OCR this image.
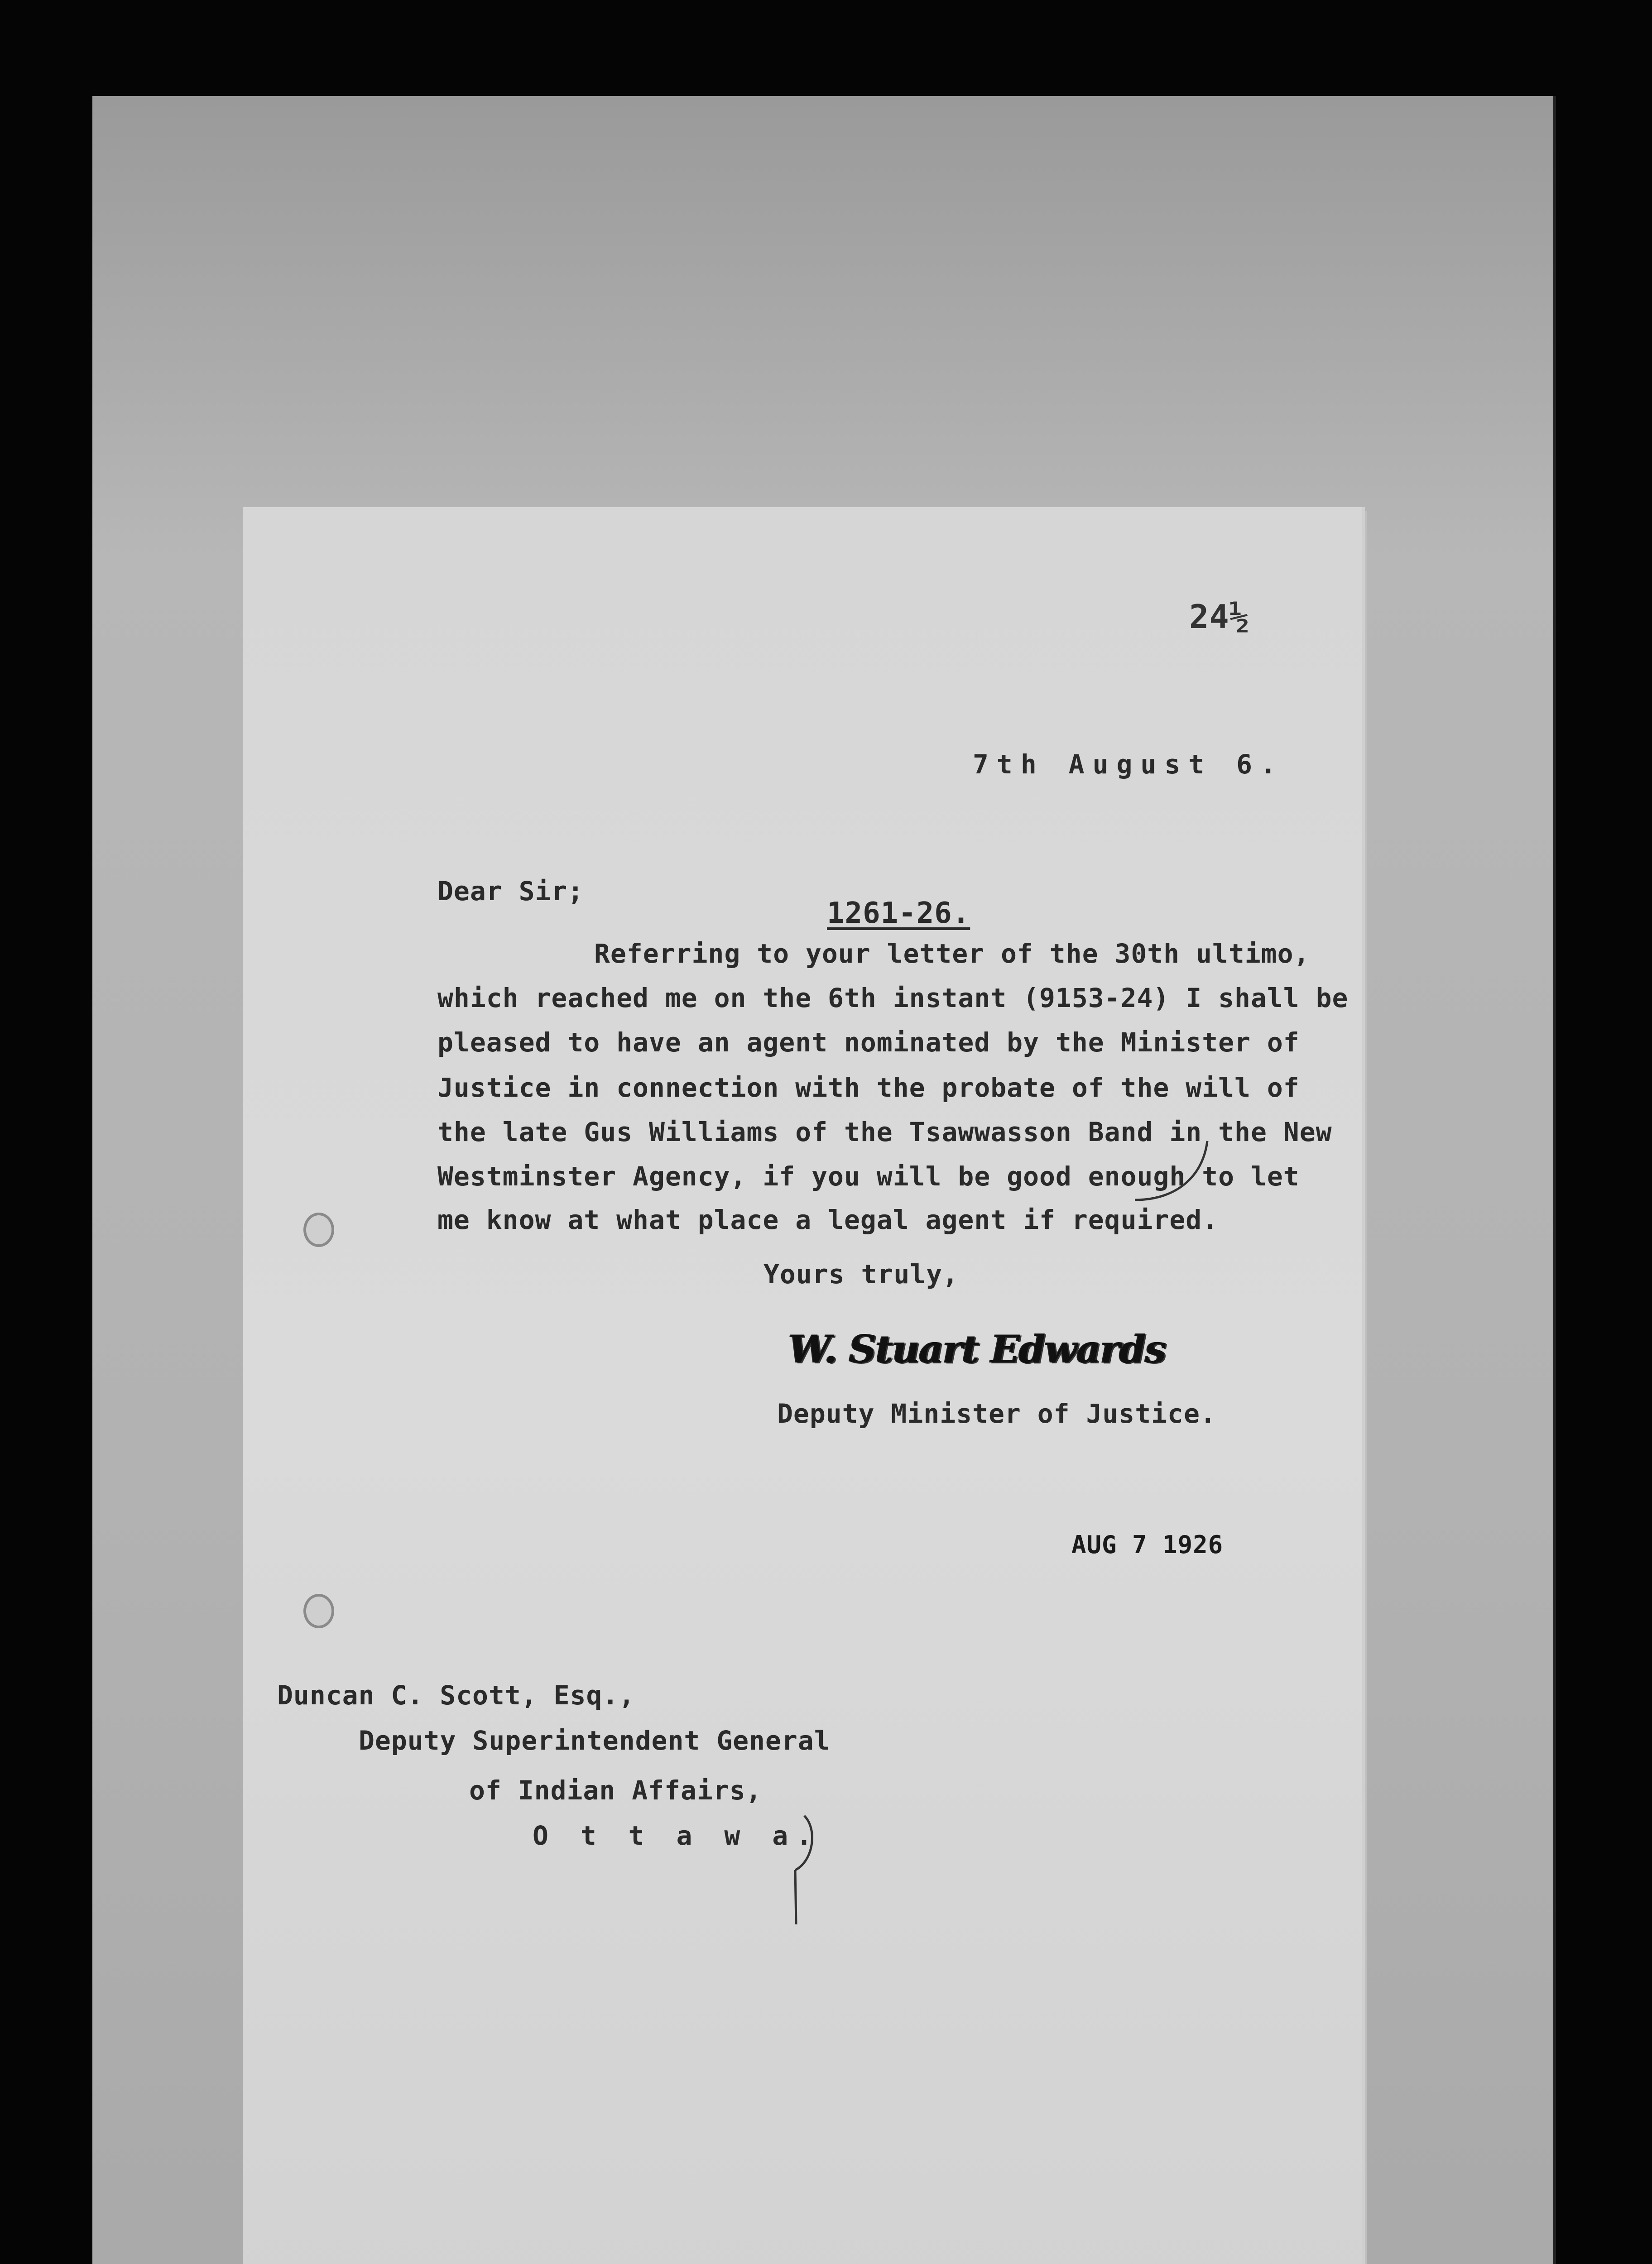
24½
7th August 6.
Dear Sir;
1261-26.
Referring to your letter of the 30th ultimo,
which reached me on the 6th instant (9153-24) I shall be
pleased to have an agent nominated by the Minister of
Justice in connection with the probate of the will of
the late Gus Williams of the Tsawwasson Band in the New
Westminster Agency, if you will be good enough to let
me know at what place a legal agent if required.
Yours truly,
W. Stuart Edwards
Deputy Minister of Justice.
AUG 7 1926
Duncan C. Scott, Esq.,
Deputy Superintendent General
of Indian Affairs,
O t t a w a.
